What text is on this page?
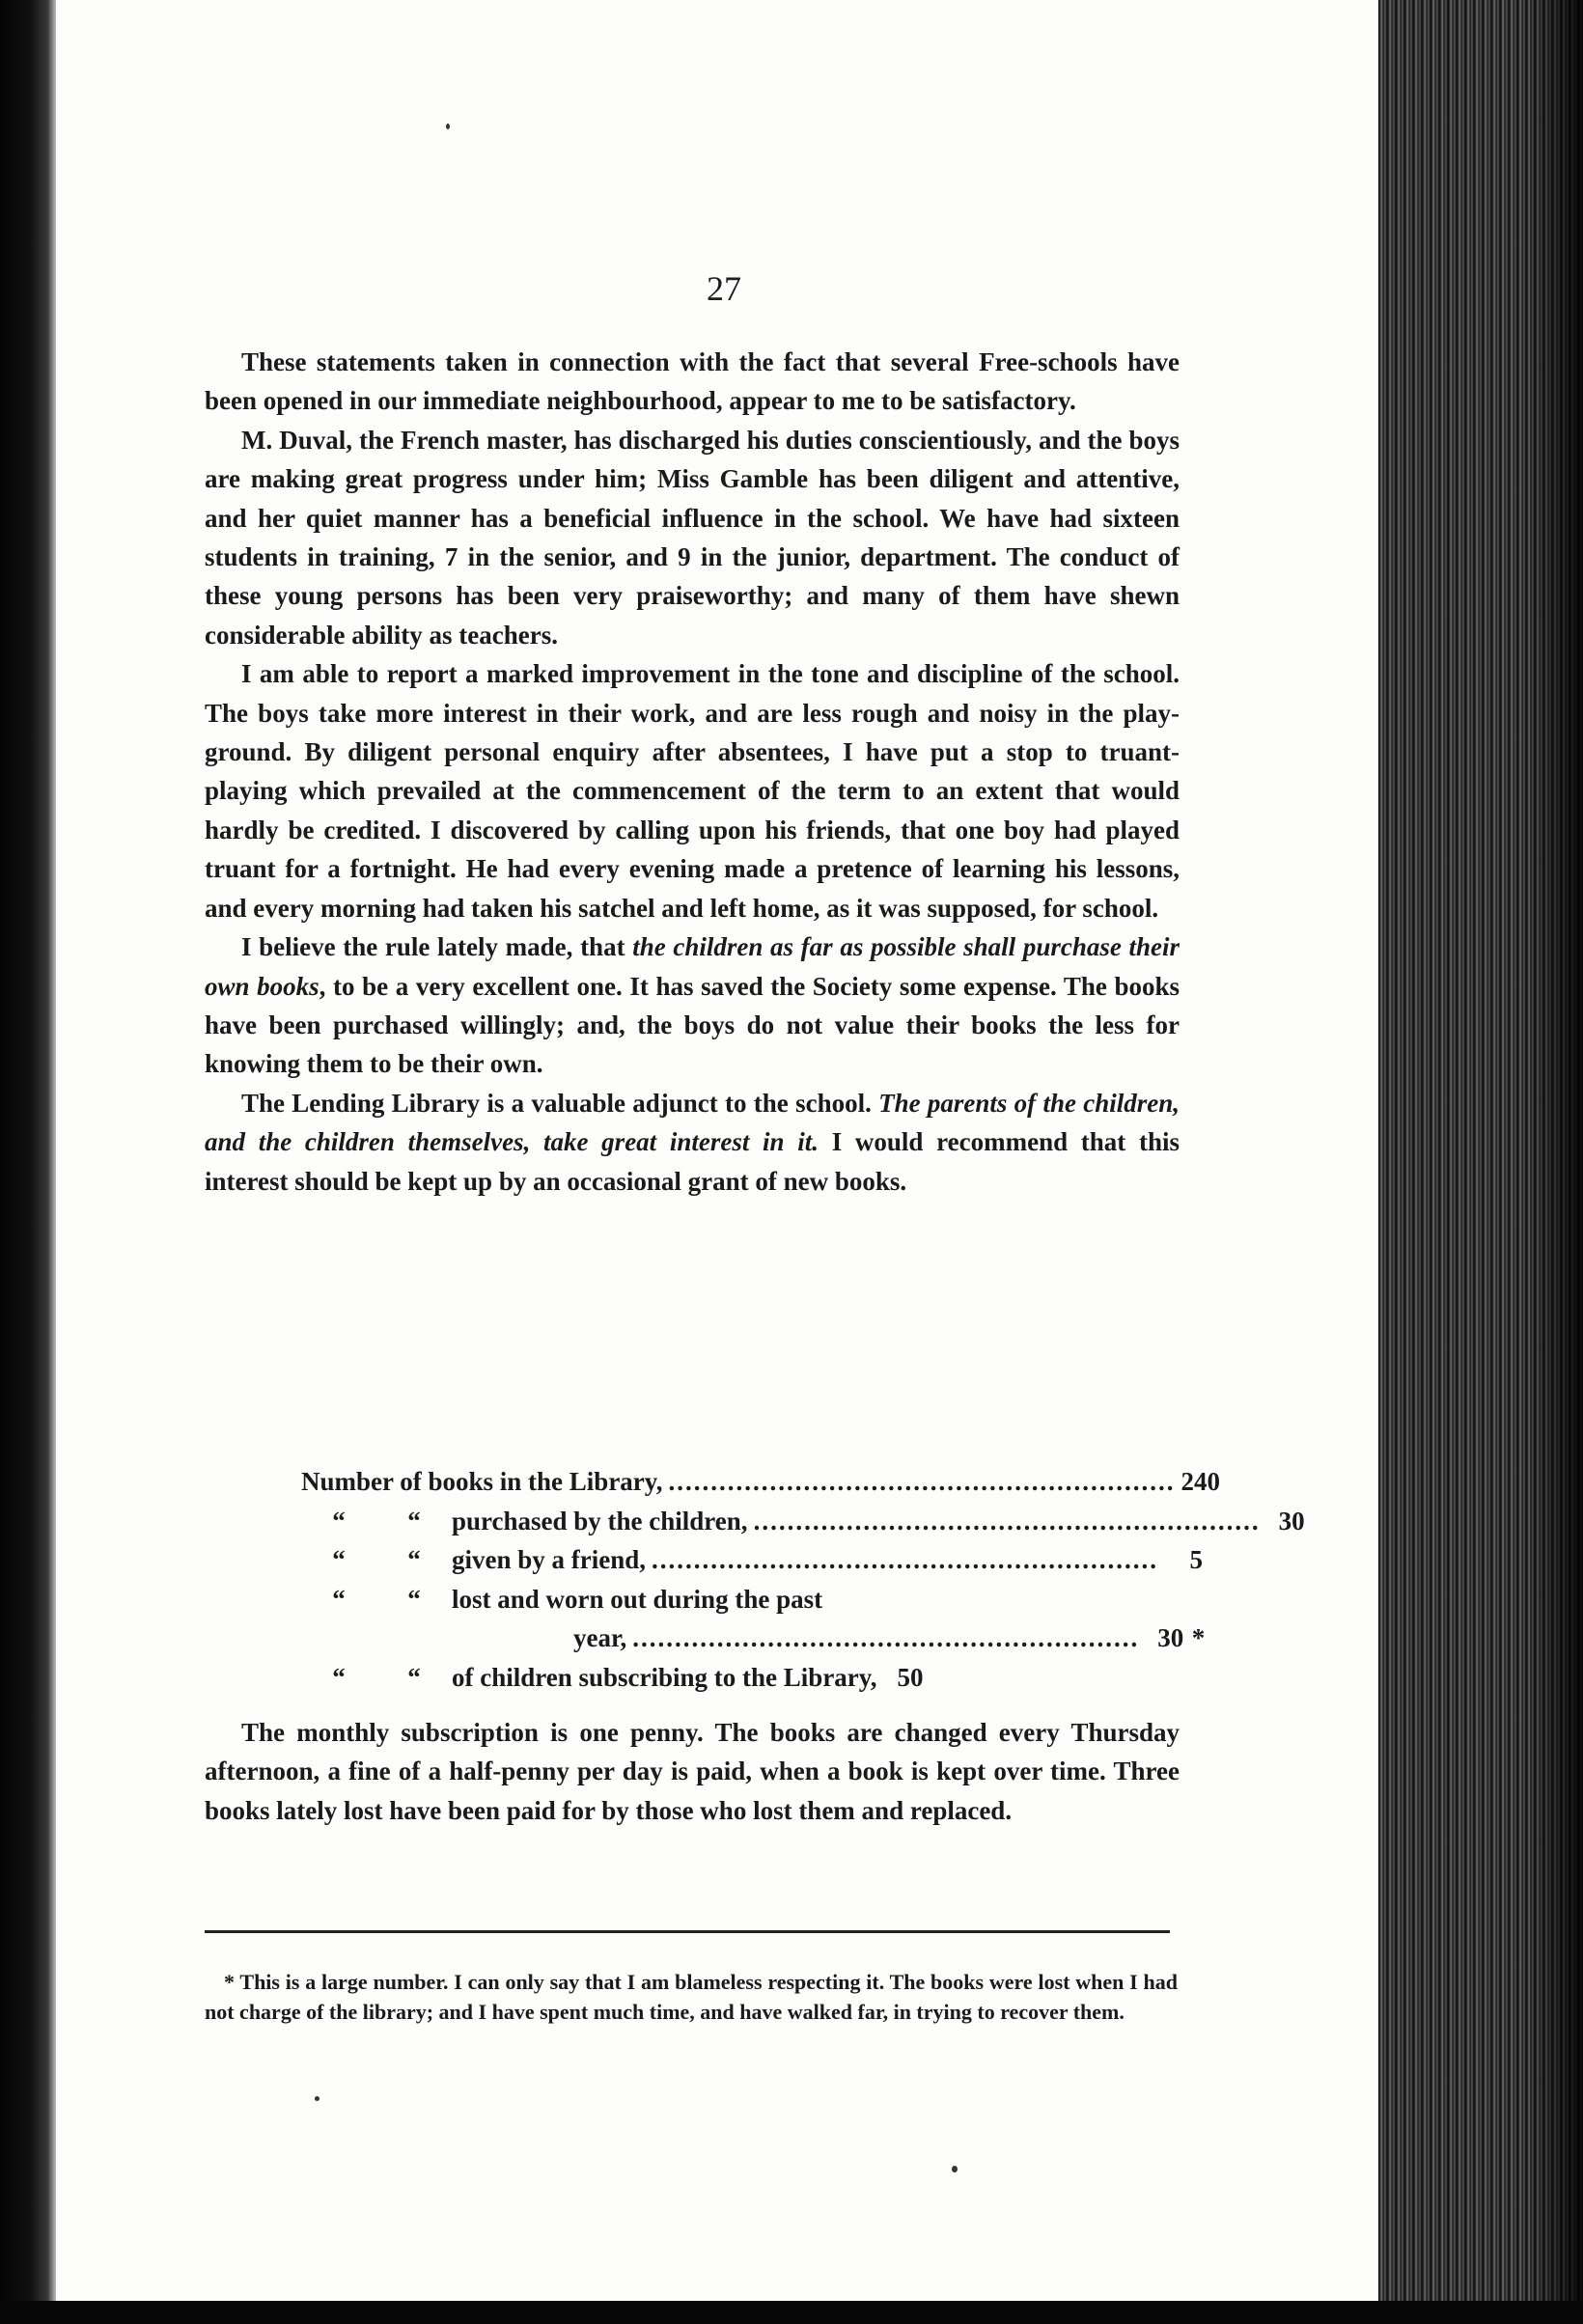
27

These statements taken in connection with the fact that several Free-schools have been opened in our immediate neighbourhood, appear to me to be satisfactory.

M. Duval, the French master, has discharged his duties conscientiously, and the boys are making great progress under him; Miss Gamble has been diligent and attentive, and her quiet manner has a beneficial influence in the school. We have had sixteen students in training, 7 in the senior, and 9 in the junior, department. The conduct of these young persons has been very praiseworthy; and many of them have shewn considerable ability as teachers.

I am able to report a marked improvement in the tone and discipline of the school. The boys take more interest in their work, and are less rough and noisy in the play-ground. By diligent personal enquiry after absentees, I have put a stop to truant-playing which prevailed at the commencement of the term to an extent that would hardly be credited. I discovered by calling upon his friends, that one boy had played truant for a fortnight. He had every evening made a pretence of learning his lessons, and every morning had taken his satchel and left home, as it was supposed, for school.

I believe the rule lately made, that the children as far as possible shall purchase their own books, to be a very excellent one. It has saved the Society some expense. The books have been purchased willingly; and, the boys do not value their books the less for knowing them to be their own.

The Lending Library is a valuable adjunct to the school. The parents of the children, and the children themselves, take great interest in it. I would recommend that this interest should be kept up by an occasional grant of new books.

Number of books in the Library, ............................................................ 240
“	“	purchased by the children, ............................................................ 30
“	“	given by a friend, ............................................................	5
“	“	lost and worn out during the past
year, ............................................................ 30 *
“	“	of children subscribing to the Library, 50

The monthly subscription is one penny. The books are changed every Thursday afternoon, a fine of a half-penny per day is paid, when a book is kept over time. Three books lately lost have been paid for by those who lost them and replaced.

* This is a large number. I can only say that I am blameless respecting it. The books were lost when I had not charge of the library; and I have spent much time, and have walked far, in trying to recover them.
